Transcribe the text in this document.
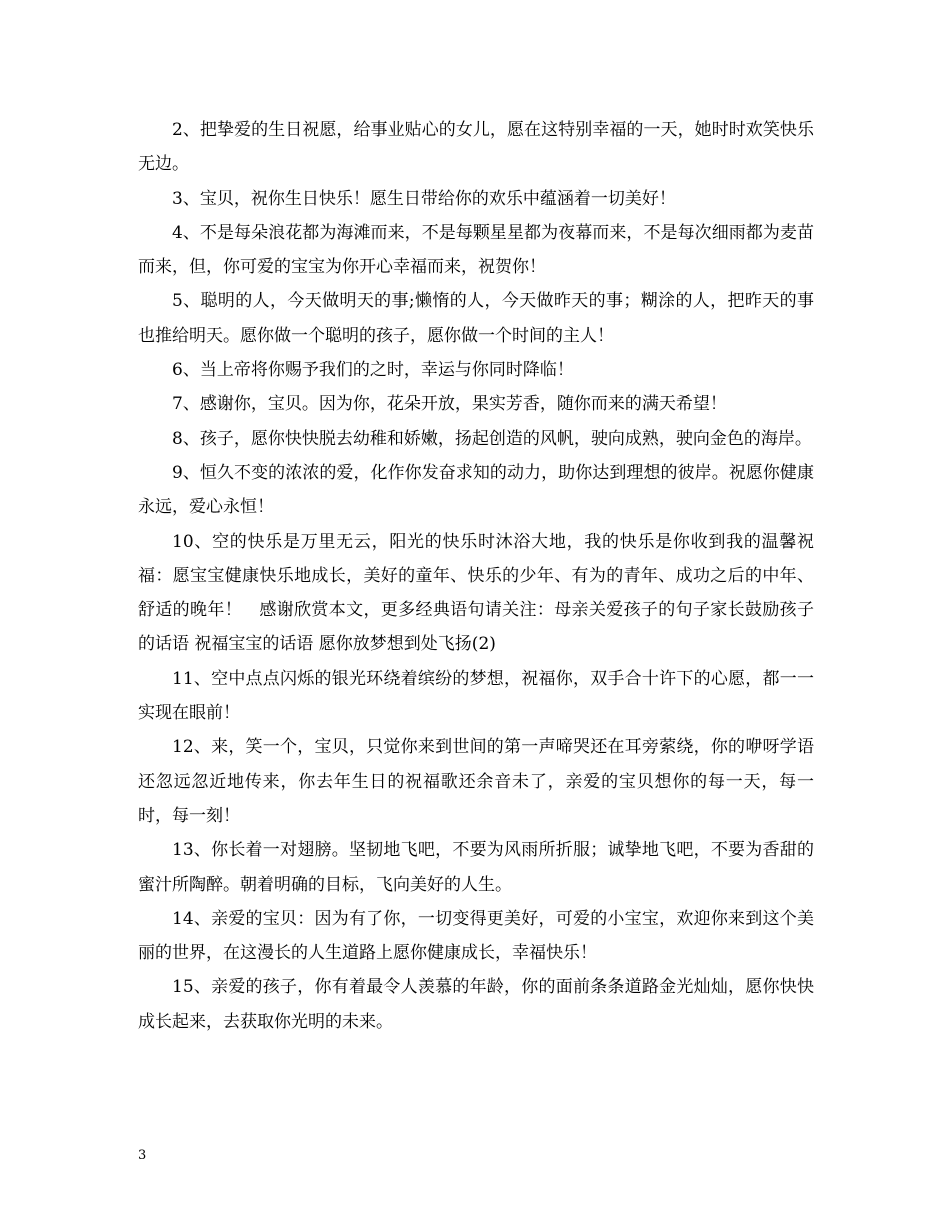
2、把挚爱的生日祝愿，给事业贴心的女儿，愿在这特别幸福的一天，她时时欢笑快乐无边。

3、宝贝，祝你生日快乐！愿生日带给你的欢乐中蕴涵着一切美好！

4、不是每朵浪花都为海滩而来，不是每颗星星都为夜幕而来，不是每次细雨都为麦苗而来，但，你可爱的宝宝为你开心幸福而来，祝贺你！

5、聪明的人，今天做明天的事;懒惰的人，今天做昨天的事；糊涂的人，把昨天的事也推给明天。愿你做一个聪明的孩子，愿你做一个时间的主人！

6、当上帝将你赐予我们的之时，幸运与你同时降临！

7、感谢你，宝贝。因为你，花朵开放，果实芳香，随你而来的满天希望！

8、孩子，愿你快快脱去幼稚和娇嫩，扬起创造的风帆，驶向成熟，驶向金色的海岸。

9、恒久不变的浓浓的爱，化作你发奋求知的动力，助你达到理想的彼岸。祝愿你健康永远，爱心永恒！

10、空的快乐是万里无云，阳光的快乐时沐浴大地，我的快乐是你收到我的温馨祝福：愿宝宝健康快乐地成长，美好的童年、快乐的少年、有为的青年、成功之后的中年、舒适的晚年！　感谢欣赏本文，更多经典语句请关注：母亲关爱孩子的句子家长鼓励孩子的话语 祝福宝宝的话语 愿你放梦想到处飞扬(2)

11、空中点点闪烁的银光环绕着缤纷的梦想，祝福你，双手合十许下的心愿，都一一实现在眼前！

12、来，笑一个，宝贝，只觉你来到世间的第一声啼哭还在耳旁萦绕，你的咿呀学语还忽远忽近地传来，你去年生日的祝福歌还余音未了，亲爱的宝贝想你的每一天，每一时，每一刻！

13、你长着一对翅膀。坚韧地飞吧，不要为风雨所折服；诚挚地飞吧，不要为香甜的蜜汁所陶醉。朝着明确的目标，飞向美好的人生。

14、亲爱的宝贝：因为有了你，一切变得更美好，可爱的小宝宝，欢迎你来到这个美丽的世界，在这漫长的人生道路上愿你健康成长，幸福快乐！

15、亲爱的孩子，你有着最令人羡慕的年龄，你的面前条条道路金光灿灿，愿你快快成长起来，去获取你光明的未来。

3
